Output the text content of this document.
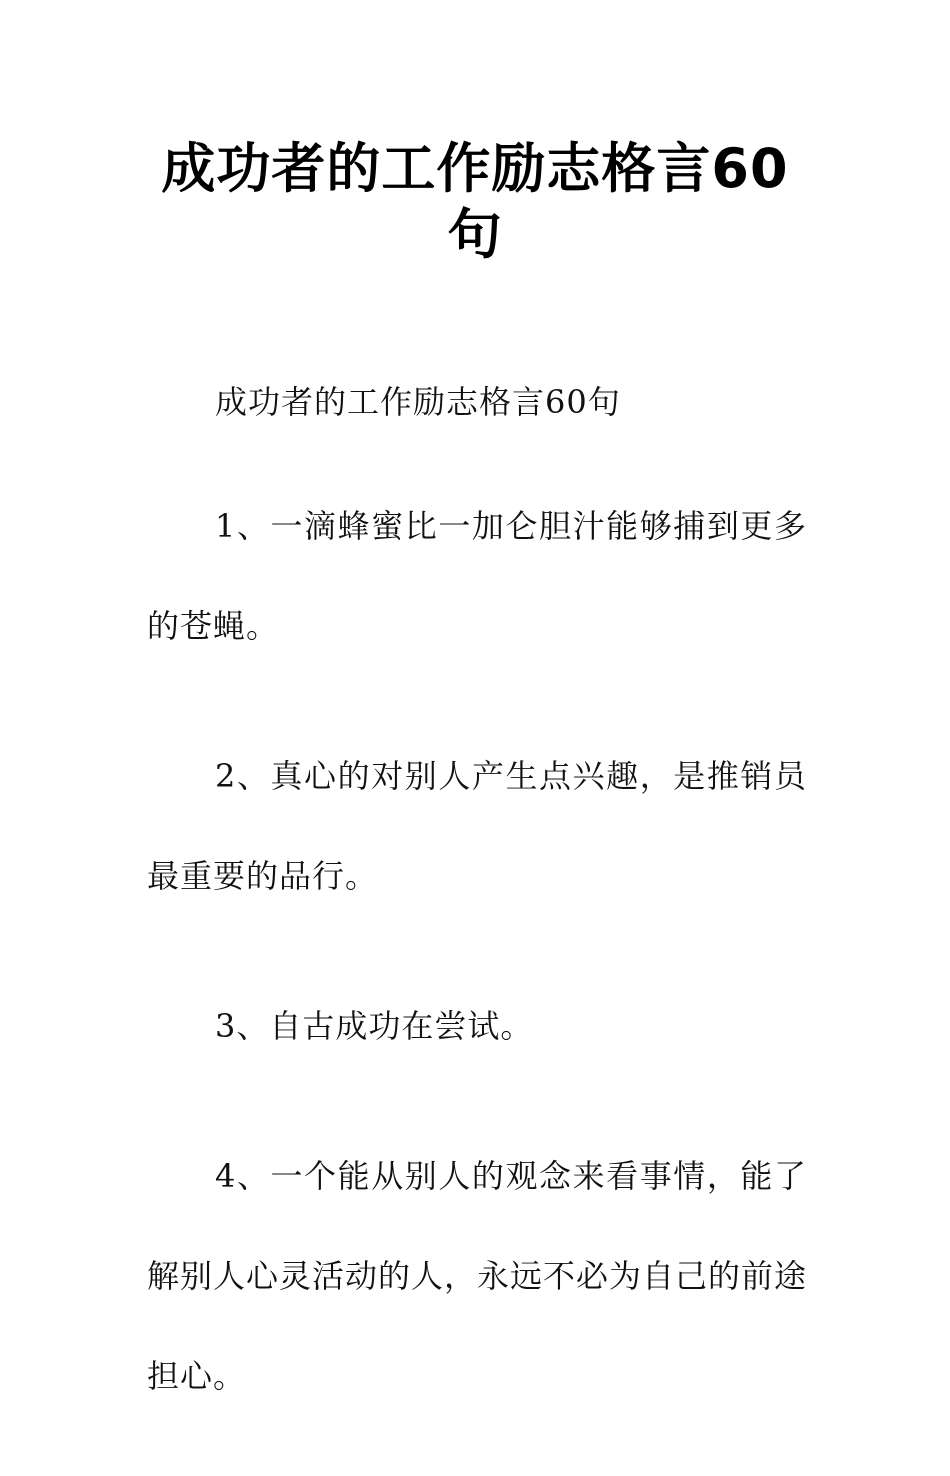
成功者的工作励志格言60句

成功者的工作励志格言60句

1、一滴蜂蜜比一加仑胆汁能够捕到更多的苍蝇。

2、真心的对别人产生点兴趣，是推销员最重要的品行。

3、自古成功在尝试。

4、一个能从别人的观念来看事情，能了解别人心灵活动的人，永远不必为自己的前途担心。
